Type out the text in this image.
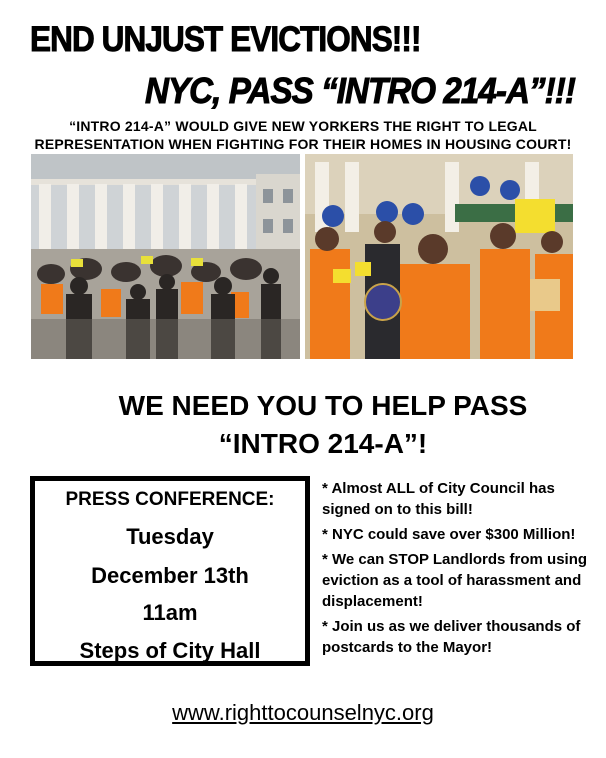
END UNJUST EVICTIONS!!!
NYC, PASS “INTRO 214-A”!!!
“INTRO 214-A” WOULD GIVE NEW YORKERS THE RIGHT TO LEGAL
REPRESENTATION WHEN FIGHTING FOR THEIR HOMES IN HOUSING COURT!
WE NEED YOU TO HELP PASS
“INTRO 214-A”!
PRESS CONFERENCE:
Tuesday
December 13th
11am
Steps of City Hall

* Almost ALL of City Council has signed on to this bill!

* NYC could save over $300 Million!

* We can STOP Landlords from using eviction as a tool of harassment and displacement!

* Join us as we deliver thousands of postcards to the Mayor!

www.righttocounselnyc.org
